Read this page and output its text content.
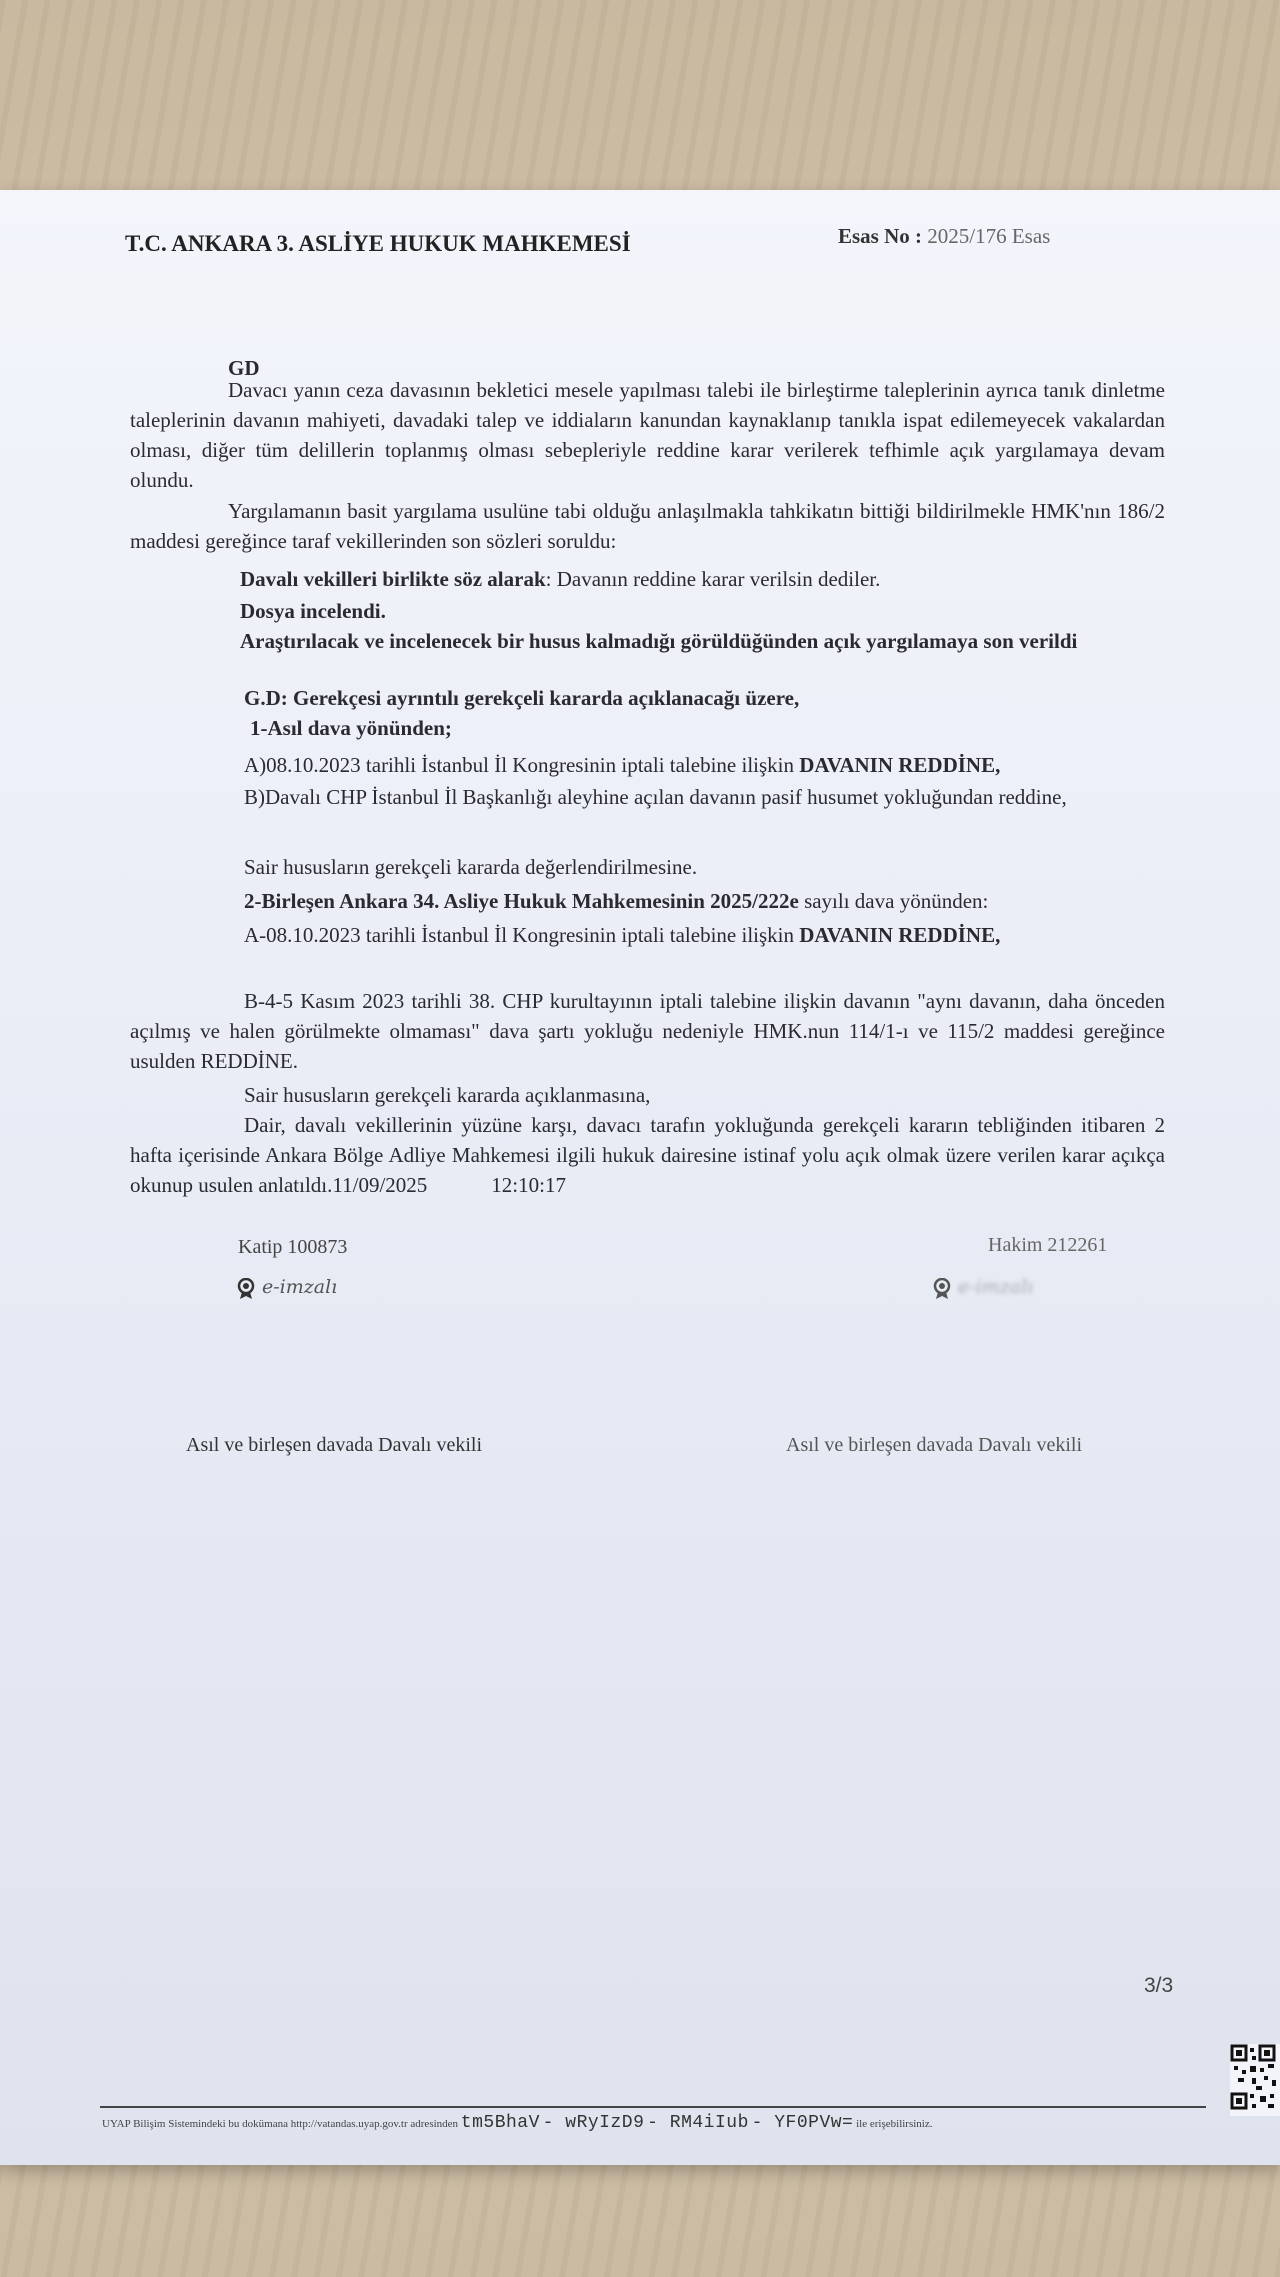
T.C. ANKARA 3. ASLİYE HUKUK MAHKEMESİ	Esas No : 2025/176 Esas
GD
Davacı yanın ceza davasının bekletici mesele yapılması talebi ile birleştirme taleplerinin ayrıca tanık dinletme taleplerinin davanın mahiyeti, davadaki talep ve iddiaların kanundan kaynaklanıp tanıkla ispat edilemeyecek vakalardan olması, diğer tüm delillerin toplanmış olması sebepleriyle reddine karar verilerek tefhimle açık yargılamaya devam olundu.
Yargılamanın basit yargılama usulüne tabi olduğu anlaşılmakla tahkikatın bittiği bildirilmekle HMK'nın 186/2 maddesi gereğince taraf vekillerinden son sözleri soruldu:
Davalı vekilleri birlikte söz alarak: Davanın reddine karar verilsin dediler.
Dosya incelendi.
Araştırılacak ve incelenecek bir husus kalmadığı görüldüğünden açık yargılamaya son verildi
G.D: Gerekçesi ayrıntılı gerekçeli kararda açıklanacağı üzere,
1-Asıl dava yönünden;
A)08.10.2023 tarihli İstanbul İl Kongresinin iptali talebine ilişkin DAVANIN REDDİNE,
B)Davalı CHP İstanbul İl Başkanlığı aleyhine açılan davanın pasif husumet yokluğundan reddine,
Sair hususların gerekçeli kararda değerlendirilmesine.
2-Birleşen Ankara 34. Asliye Hukuk Mahkemesinin 2025/222e sayılı dava yönünden:
A-08.10.2023 tarihli İstanbul İl Kongresinin iptali talebine ilişkin DAVANIN REDDİNE,
B-4-5 Kasım 2023 tarihli 38. CHP kurultayının iptali talebine ilişkin davanın "aynı davanın, daha önceden açılmış ve halen görülmekte olmaması" dava şartı yokluğu nedeniyle HMK.nun 114/1-ı ve 115/2 maddesi gereğince usulden REDDİNE.
Sair hususların gerekçeli kararda açıklanmasına,
Dair, davalı vekillerinin yüzüne karşı, davacı tarafın yokluğunda gerekçeli kararın tebliğinden itibaren 2 hafta içerisinde Ankara Bölge Adliye Mahkemesi ilgili hukuk dairesine istinaf yolu açık olmak üzere verilen karar açıkça okunup usulen anlatıldı.11/09/2025	12:10:17
Katip 100873	Hakim 212261
e-imzalı	e-imzalı
Asıl ve birleşen davada Davalı vekili	Asıl ve birleşen davada Davalı vekili
3/3
UYAP Bilişim Sistemindeki bu dokümana http://vatandas.uyap.gov.tr adresinden tm5BhaV - wRyIzD9 - RM4iIub - YF0PVw= ile erişebilirsiniz.
